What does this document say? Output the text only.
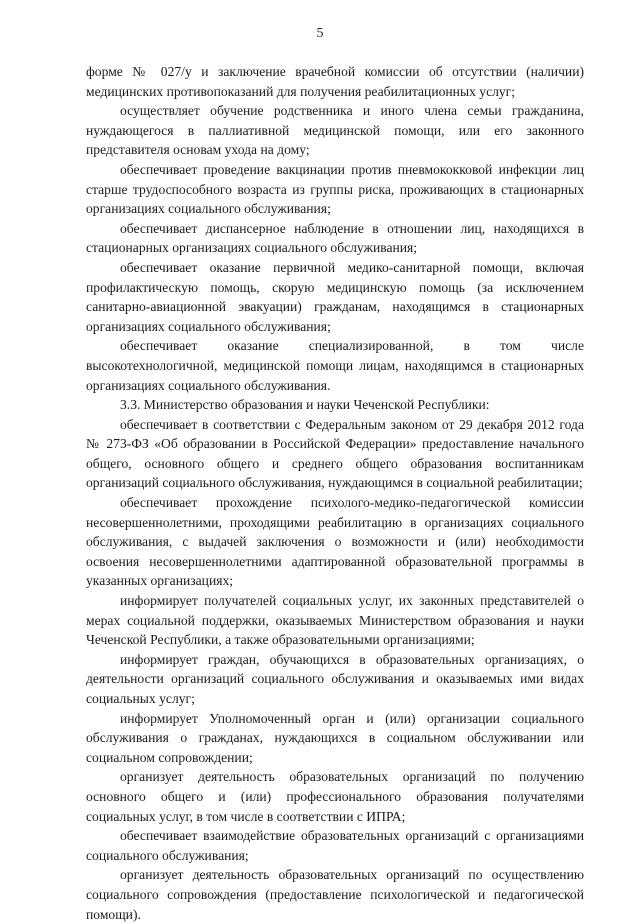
5

форме № 027/у и заключение врачебной комиссии об отсутствии (наличии) медицинских противопоказаний для получения реабилитационных услуг;

осуществляет обучение родственника и иного члена семьи гражданина, нуждающегося в паллиативной медицинской помощи, или его законного представителя основам ухода на дому;

обеспечивает проведение вакцинации против пневмококковой инфекции лиц старше трудоспособного возраста из группы риска, проживающих в стационарных организациях социального обслуживания;

обеспечивает диспансерное наблюдение в отношении лиц, находящихся в стационарных организациях социального обслуживания;

обеспечивает оказание первичной медико-санитарной помощи, включая профилактическую помощь, скорую медицинскую помощь (за исключением санитарно-авиационной эвакуации) гражданам, находящимся в стационарных организациях социального обслуживания;

обеспечивает оказание специализированной, в том числе высокотехнологичной, медицинской помощи лицам, находящимся в стационарных организациях социального обслуживания.

3.3. Министерство образования и науки Чеченской Республики:

обеспечивает в соответствии с Федеральным законом от 29 декабря 2012 года № 273-ФЗ «Об образовании в Российской Федерации» предоставление начального общего, основного общего и среднего общего образования воспитанникам организаций социального обслуживания, нуждающимся в социальной реабилитации;

обеспечивает прохождение психолого-медико-педагогической комиссии несовершеннолетними, проходящими реабилитацию в организациях социального обслуживания, с выдачей заключения о возможности и (или) необходимости освоения несовершеннолетними адаптированной образовательной программы в указанных организациях;

информирует получателей социальных услуг, их законных представителей о мерах социальной поддержки, оказываемых Министерством образования и науки Чеченской Республики, а также образовательными организациями;

информирует граждан, обучающихся в образовательных организациях, о деятельности организаций социального обслуживания и оказываемых ими видах социальных услуг;

информирует Уполномоченный орган и (или) организации социального обслуживания о гражданах, нуждающихся в социальном обслуживании или социальном сопровождении;

организует деятельность образовательных организаций по получению основного общего и (или) профессионального образования получателями социальных услуг, в том числе в соответствии с ИПРА;

обеспечивает взаимодействие образовательных организаций с организациями социального обслуживания;

организует деятельность образовательных организаций по осуществлению социального сопровождения (предоставление психологической и педагогической помощи).
